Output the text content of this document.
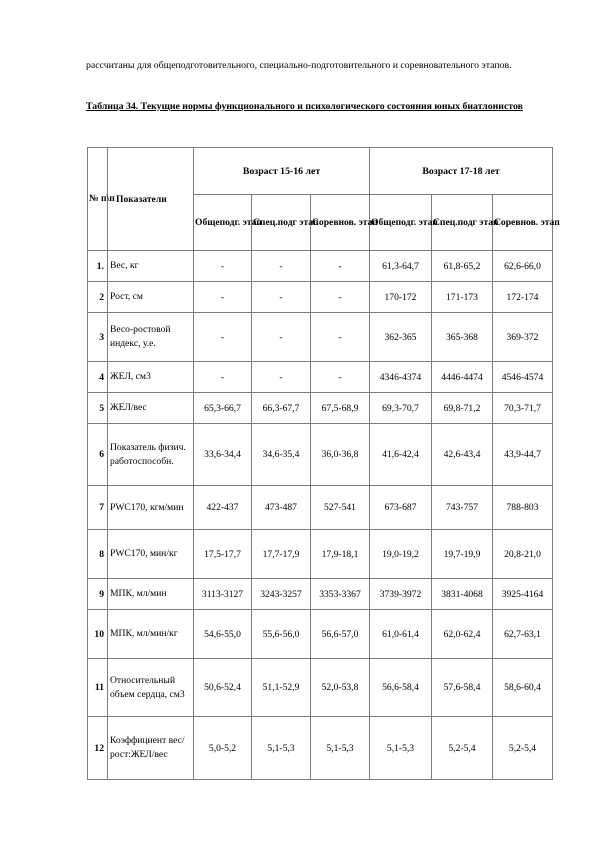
рассчитаны для общеподготовительного, специально-подготовительного и соревновательного этапов.
Таблица 34. Текущие нормы функционального и психологического состояния юных биатлонистов
№ п\п	Показатели	Возраст 15-16 лет			Возраст 17-18 лет		
		Общеподг. этап	Спец.подг этап	Соревнов. этап	Общеподг. этап	Спец.подг этап	Соревнов. этап
1.	Вес, кг	-	-	-	61,3-64,7	61,8-65,2	62,6-66,0
2	Рост, см	-	-	-	170-172	171-173	172-174
3	Весо-ростовой индекс, у.е.	-	-	-	362-365	365-368	369-372
4	ЖЕЛ, см3	-	-	-	4346-4374	4446-4474	4546-4574
5	ЖЕЛ/вес	65,3-66,7	66,3-67,7	67,5-68,9	69,3-70,7	69,8-71,2	70,3-71,7
6	Показатель физич. работоспособн.	33,6-34,4	34,6-35,4	36,0-36,8	41,6-42,4	42,6-43,4	43,9-44,7
7	PWC170, кгм/мин	422-437	473-487	527-541	673-687	743-757	788-803
8	PWC170, мин/кг	17,5-17,7	17,7-17,9	17,9-18,1	19,0-19,2	19,7-19,9	20,8-21,0
9	МПК, мл/мин	3113-3127	3243-3257	3353-3367	3739-3972	3831-4068	3925-4164
10	МПК, мл/мин/кг	54,6-55,0	55,6-56,0	56,6-57,0	61,0-61,4	62,0-62,4	62,7-63,1
11	Относительный объем сердца, см3	50,6-52,4	51,1-52,9	52,0-53,8	56,6-58,4	57,6-58,4	58,6-60,4
12	Коэффициент вес/ рост:ЖЕЛ/вес	5,0-5,2	5,1-5,3	5,1-5,3	5,1-5,3	5,2-5,4	5,2-5,4
